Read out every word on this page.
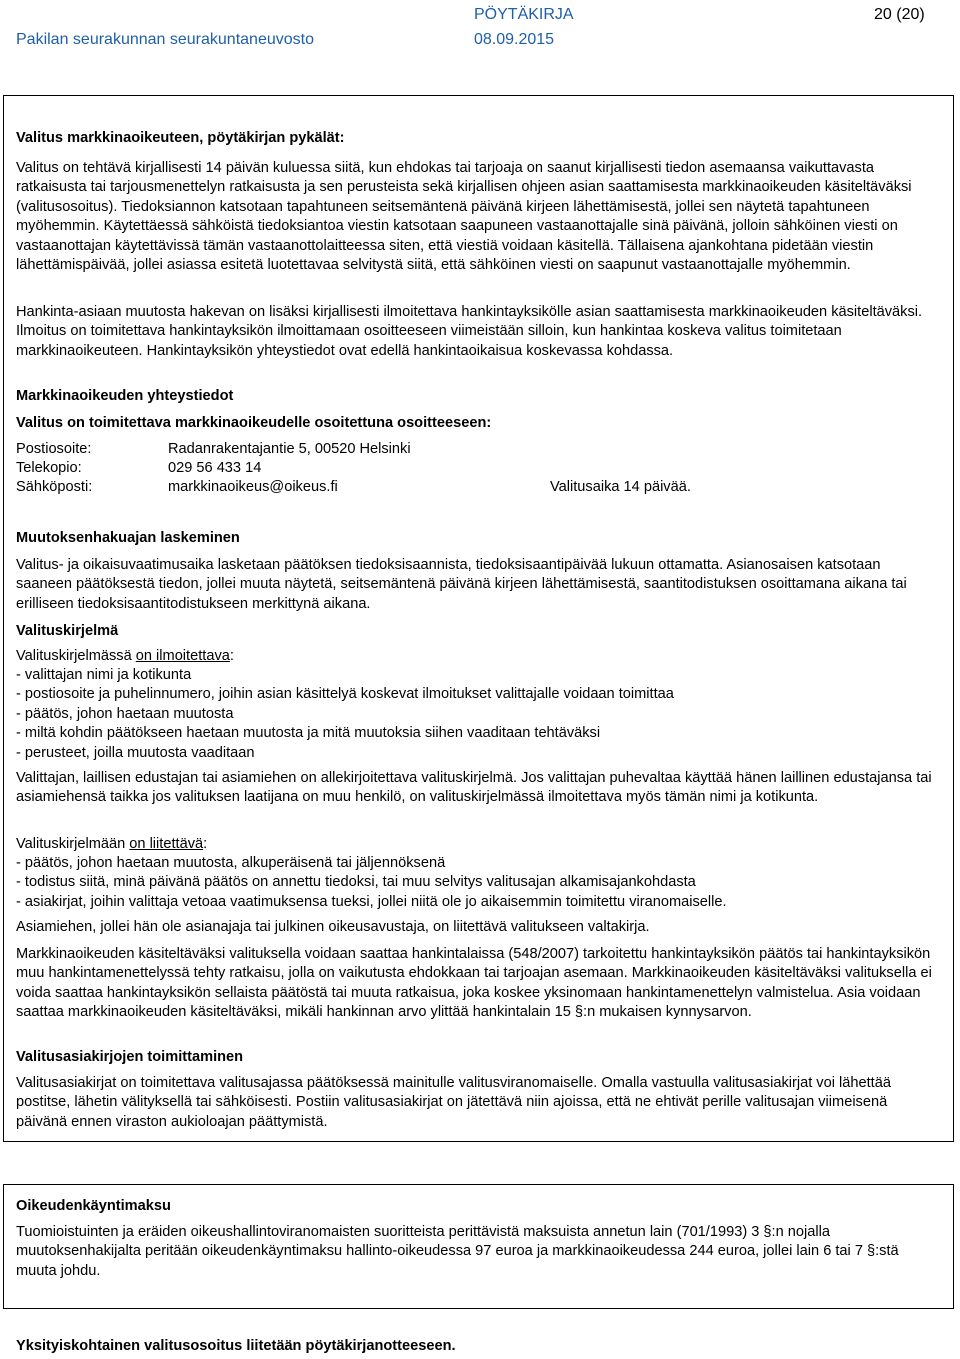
PÖYTÄKIRJA	20 (20)
Pakilan seurakunnan seurakuntaneuvosto	08.09.2015
Valitus markkinaoikeuteen, pöytäkirjan pykälät:

Valitus on tehtävä kirjallisesti 14 päivän kuluessa siitä, kun ehdokas tai tarjoaja on saanut kirjallisesti tiedon asemaansa vaikuttavasta ratkaisusta tai tarjousmenettelyn ratkaisusta ja sen perusteista sekä kirjallisen ohjeen asian saattamisesta markkinaoikeuden käsiteltäväksi (valitusosoitus). Tiedoksiannon katsotaan tapahtuneen seitsemäntenä päivänä kirjeen lähettämisestä, jollei sen näytetä tapahtuneen myöhemmin. Käytettäessä sähköistä tiedoksiantoa viestin katsotaan saapuneen vastaanottajalle sinä päivänä, jolloin sähköinen viesti on vastaanottajan käytettävissä tämän vastaanottolaitteessa siten, että viestiä voidaan käsitellä. Tällaisena ajankohtana pidetään viestin lähettämispäivää, jollei asiassa esitetä luotettavaa selvitystä siitä, että sähköinen viesti on saapunut vastaanottajalle myöhemmin.

Hankinta-asiaan muutosta hakevan on lisäksi kirjallisesti ilmoitettava hankintayksikölle asian saattamisesta markkinaoikeuden käsiteltäväksi. Ilmoitus on toimitettava hankintayksikön ilmoittamaan osoitteeseen viimeistään silloin, kun hankintaa koskeva valitus toimitetaan markkinaoikeuteen. Hankintayksikön yhteystiedot ovat edellä hankintaoikaisua koskevassa kohdassa.

Markkinaoikeuden yhteystiedot
Valitus on toimitettava markkinaoikeudelle osoitettuna osoitteeseen:
Postiosoite:	Radanrakentajantie 5, 00520 Helsinki
Telekopio:	029 56 433 14
Sähköposti:	markkinaoikeus@oikeus.fi	Valitusaika 14 päivää.
Muutoksenhakuajan laskeminen

Valitus- ja oikaisuvaatimusaika lasketaan päätöksen tiedoksisaannista, tiedoksisaantipäivää lukuun ottamatta. Asianosaisen katsotaan saaneen päätöksestä tiedon, jollei muuta näytetä, seitsemäntenä päivänä kirjeen lähettämisestä, saantitodistuksen osoittamana aikana tai erilliseen tiedoksisaantitodistukseen merkittynä aikana.

Valituskirjelmä
Valituskirjelmässä on ilmoitettava:
- valittajan nimi ja kotikunta
- postiosoite ja puhelinnumero, joihin asian käsittelyä koskevat ilmoitukset valittajalle voidaan toimittaa
- päätös, johon haetaan muutosta
- miltä kohdin päätökseen haetaan muutosta ja mitä muutoksia siihen vaaditaan tehtäväksi
- perusteet, joilla muutosta vaaditaan

Valittajan, laillisen edustajan tai asiamiehen on allekirjoitettava valituskirjelmä. Jos valittajan puhevaltaa käyttää hänen laillinen edustajansa tai asiamiehensä taikka jos valituksen laatijana on muu henkilö, on valituskirjelmässä ilmoitettava myös tämän nimi ja kotikunta.

Valituskirjelmään on liitettävä:
- päätös, johon haetaan muutosta, alkuperäisenä tai jäljennöksenä
- todistus siitä, minä päivänä päätös on annettu tiedoksi, tai muu selvitys valitusajan alkamisajankohdasta
- asiakirjat, joihin valittaja vetoaa vaatimuksensa tueksi, jollei niitä ole jo aikaisemmin toimitettu viranomaiselle.

Asiamiehen, jollei hän ole asianajaja tai julkinen oikeusavustaja, on liitettävä valitukseen valtakirja.

Markkinaoikeuden käsiteltäväksi valituksella voidaan saattaa hankintalaissa (548/2007) tarkoitettu hankintayksikön päätös tai hankintayksikön muu hankintamenettelyssä tehty ratkaisu, jolla on vaikutusta ehdokkaan tai tarjoajan asemaan. Markkinaoikeuden käsiteltäväksi valituksella ei voida saattaa hankintayksikön sellaista päätöstä tai muuta ratkaisua, joka koskee yksinomaan hankintamenettelyn valmistelua. Asia voidaan saattaa markkinaoikeuden käsiteltäväksi, mikäli hankinnan arvo ylittää hankintalain 15 §:n mukaisen kynnysarvon.

Valitusasiakirjojen toimittaminen

Valitusasiakirjat on toimitettava valitusajassa päätöksessä mainitulle valitusviranomaiselle. Omalla vastuulla valitusasiakirjat voi lähettää postitse, lähetin välityksellä tai sähköisesti. Postiin valitusasiakirjat on jätettävä niin ajoissa, että ne ehtivät perille valitusajan viimeisenä päivänä ennen viraston aukioloajan päättymistä.

Oikeudenkäyntimaksu

Tuomioistuinten ja eräiden oikeushallintoviranomaisten suoritteista perittävistä maksuista annetun lain (701/1993) 3 §:n nojalla muutoksenhakijalta peritään oikeudenkäyntimaksu hallinto-oikeudessa 97 euroa ja markkinaoikeudessa 244 euroa, jollei lain 6 tai 7 §:stä muuta johdu.

Yksityiskohtainen valitusosoitus liitetään pöytäkirjanotteeseen.
